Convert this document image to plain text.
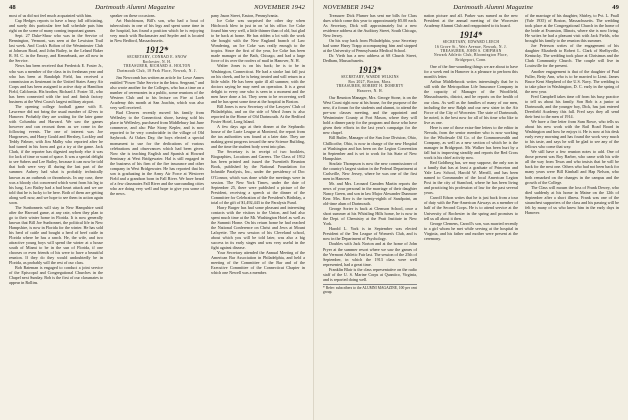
48	Dartmouth Alumni Magazine	NOVEMBER 1942

most of us did not feel much acquainted with him.

Cap Hedges reports to have a busy fall officiating, and surely this particular free ball schedule puts him right on the scene of many coming important games.

Sept. 27 Duke-Shaw who was in the Service of Bennington, Vermont, was seen at the Lewiston Trail last week. And Cook's Bolton of the Westminster Club at Johnson Road, and John Bailey, in the Leland Baker R. M. C. in the Emory, and Kennebunk, are all now in the Service.

News has been received that Frederick E. Foster Jr., who was a member of the class in its freshman year and who has been at Randolph Field, has received a commission as lieutenant in the United States Army Air Corps and has been assigned to active duty at Hamilton Field, California. His brother, Richard J. Foster '41, who has been connected with the tool and finish factory business at the West Coast's largest military airport.

The opening college football game with E. Lawrence did not bring the usual number of 42-ers to Hanover. Probably they are waiting for the later game with Columbia and Harvard. We saw the games however and can recount them as we come in the following events. The one of interest was Joe Hargreaves, and Harry Gould and Hershey, Lockley and Teddy Palmer, with Jim Malby who reported after he had turned in his form and got a try at the game. Jack Clark, if the reporter has digested anybody else it was for lack of time or want of space. It was a special delight to see Sabers and Lee Bailey, because it can now be told that both were very ill during the last part of the summer. Aubrey had what is probably technically known as an outbreak or thrombosis. In any case, there was a bloody clot concerned which went from his leg to his lung. Leo Bailey had a bad heart attack and we are told that he is lucky to be here. Both of them are getting along well now, and we hope to see them in action again soon.

The Sunbonnets will stay in New Hampshire until after the Harvard game, at any rate, when they plan to go to their winter home in Florida. It is now generally known that Bill Joe Sunbonnet, the political life in New Hampshire, is now in Florida for the winter. He has sold his herd of cattle and bought a herd of beef cattle in Florida where he has a ranch. He, the wife, and two attractive young boys will spend the winter at a house south of Miami to be in the sun of Florida, if one chooses or even friends of his were to have a beautiful reunion. If they do they would undoubtedly be in Florida, as probably will the rest of our class.

Bob Bateman is engaged to conduct a joint service of the Episcopal and Congregational Churches in the Chapel next Sunday. Bob is the first of our classmates to appear in Rollins.

speaker on these occasions.

Art Hutchinson, Bill's son, who had a bout of tuberculosis in one of his legs and spent some time in the hospital, has found a position which he is enjoying very much with Buckmaster and Snyder and is located in New Bedford, Massachusetts.

1912*
SECRETARY, CONRAD E. SNOW
Rochester, N. H.
TREASURER, RICHARD A. HOLTON
Dartmouth Club, 18 Park Place, Newark, N. J.

Jim Newcomb has written an article for Lowe Annex entitled "Power Tube Service in the Intra. Sergeant," and also wrote another for the Colleges, who has a time on a number of ceremonies in a public, some reunions of the Western Club and to his lecture on Fire at Loeb Academy this month at San Joachin, which was also very well received.

Bud Cleaves recently moved his family from Wellesley to the Connecticut shore, having sold his place in Wellesley, purchased from Middlebury last June commerce, and also Pike Stony Kepler, and is now reported to be very comfortable in the village of Old Saybrook. At Oakes Day, the boys elected a special monument to use for the dedications of various celebrations and observances which had been given. Now she is teaching English and Spanish at Howard Seminary at West Bridgewater. Hal is still engaged in the business of his firm of the fire insurance and other company in West Bridgewater. He has reported that his son is graduating in the Army Air Force at Westover Field and a grandson born in Fall River. We have heard of a few classmates Fall River and the surrounding cities who are doing very well and hope to give you some of the news.

pany Jason Street, Easton, Pennsylvania.

Ice Coke was surprised the other day when Hitchcock blew in just in on 'at his office. Ice Coke found him very well, a little thinner than of old, but glad to be back at home. He has ridden a lot with the work she bought with the New England branch of Law Wondering, an Ice Coke was really enough to the tropics. Since the first of the year, Ice Coke has been made manager at the Bath, Chicago, and had a large force of its over the roofers of mail in Hanover, N. H.

Walter Jones is on his back; he is to be in Washington, Connecticut. He had a stroke last fall just on his cheek, and he is being treated and will return in a little while. He has been quite ill all summer, with the doctors saying he may need an operation. It is a great delight to every one who is seen in a moment and the men have done a lot. They seem to be recovering well and he has spent some time at the hospital in Boston.

Bill Jones is now Secretary of the Lawyers' Club of Philadelphia, and on the side of Ward Jones is also reported in the Home of Old Dartmouth. At the Bedford Foster Hotel, Long Island.

A few days ago at their dinner at the Sephardic house of the Lurie League at Montreal, the report from the tax authorities was found at a later date. They are making great progress toward the new Science Building, and the time the student body went into plan.

The Secretary is in receipt of two booklets, Biographies, Locations and Careers. The Class of 1912 has been printed and issued the Twentieth Reunion Book, published by the National Foundation for Infantile Paralysis, Inc., under the presidency of Doc O'Connor, which was done while the meetings were in session. The New York Times, under the date of September 25, there were published a picture of the President, receiving a speech at the dinner of the Committee for Celebration of the President's Birthday, a total of the gift of $1,492,443 to the Paralysis Fund.

Harry Burger has had some pleasant and interesting contacts with the visitors to the Union, and had also spent much time at the Mt. Washington Hotel as well as the Summit Home. On his return home he had reached the National Conference on Christ and Jews at Mount Lafayette. The new session of his Cleveland school, about which you will be told later, was also a big success in its early stages and was very useful in the fight against disease.

Your Secretary attended the Annual Meeting of the American Bar Association in Philadelphia, and held a meeting of the Committee of the Bar and of the Executive Committee of the Connecticut Chapter in which one Newell was a member.

NOVEMBER 1942	Dartmouth Alumni Magazine	49

Treasurer Dick Plumer has sent me bills for Class dues which come this year to approximately $5.00 each. As Secretary, Dick will approximately list a new residence address at the Auditory Street, South Chicago, New Jersey.

On his way back from Philadelphia, your Secretary had some Harry Trapp accompanying him and stopped at the University of Pennsylvania Medical School.

Dr. Vieth has a new address at 68 Church Street, Dedham, Massachusetts.

1913*
SECRETARY, WARDE WILKINS
Box 2027, Boston, Mass.
TREASURER, ROBERT H. DOHERTY
Hanover, N. H.

Our Reunion Manager, Mrs. George Stone, is on the West Coast right now at his house, for the purpose of the new, if a forum for the students and alumni, to attend the pre-war classes meeting, and the appointed and Westminster County at Fort Mason, where they will hold a dinner party for the program and those who have given their efforts in the last year's campaign for the new chapel.

Bill Butler, Manager of the San Jose Division, Ohio, Chillicothe, Ohio, is now in charge of the new Hospital at Washington and has been on the Legion Convention in September and is set to work for his State of New Hampshire.

Sinclair Thompson is now the new commissioner of the country's largest station in the Federal Department at Carlsville, New Jersey, where he was one of the first men in Hanover.

Mr. and Mrs. Leonard Camden Martin reports the news of your personal in the marriage of their daughter Nancy Green, and son in law Major Alexander Dunmore Kerr. Mrs. Kerr is the twenty-eighth of Sandpoint, an old-time alum of Dartmouth.

George Sorter is back at Clemson School, once a short summer at his Whistling Hills home, he is now in the Dept. of Chemistry at the Pratt Institute in New York.

Harold L. York is in September was elected President of the Ten League of Women's Club, and is now in the Department of Psychology.

Doubles with Jack Norton and at the home of John Pryer at the summer resort where we saw the games of the Vermont Athletic Fair last. The session of the 25th of September, in which the 1913 class were well represented, had a great time.

Franklin Blair is the class representative on the radio staff of the U. S. Marine Corps at Quantico, Virginia, and is reported doing well.

* Refer: subscribers to the ALUMNI MAGAZINE, 100 per cent group.

nation picture and all. Parker was named as the new President at the annual meeting of the Worcester Academy Alumni Club and reappointed to its board.

1914*
SECRETARY, EDWARD LEECH
16 Grove St., Weir Avenue, Newark, N. J.
TREASURER, JOHN S. CHIPMAN
Newark Athletic Club, Bloomington Place, Bridgeport, Conn.

One of the fine-sounding things we are about to have for a week end in Hanover is a pleasure to perform this month's letter.

Arthur Middlebrook writes interestingly that he is still with the Metropolitan Life Insurance Company in the capacity of Manager of the Woodfield, Massachusetts, district, and he reports on the health of our class. As well as the families of many of our men, including the new Ralph and our new sister in the Air Force of the City of Worcester. The state of Dartmouth, he noted, is the best now for all of his time who like to live as one.

Here is one of those extra-fine letters to the editor in Nevada, from the senior member who is now working for the Wholesale Oil Co. of the Commonwealth and Company, as well as a new section of which he is the manager in Bridgeport. Mr. Walker has been hurt by a fall but is improving steadily and reports the Red Cross work is his chief activity now.

Red Goldberg has, we may suppose, the only son in a family that has at least a graduate of Princeton and Yale Law School, Harold W. Merrill, and has been named to Commander of the local American Legion Post in the city of Stamford, where he has been living and practicing his profession of law for the past several years.

Carroll Edson writes that he is just back from a tour of duty with the Pan-American Airways as a member of half of the Second Corps. He is to attend service at the University of Rochester in the spring and promises to tell us all about it then.

George Clemens, Carroll's son, was married recently to a girl whom he met while serving at the hospital in Virginia, and his father and mother were present at the ceremony.

of the marriage of his daughter, Shirley, to Pvt. L. Paull (Yale 1935) of Boston, Massachusetts. The wedding took place at the Congregational Church in the home of the bride at Evanston, Illinois, where she is now living. He writes he had a pleasant visit with Jack Fields, who brought his family to the reunion this summer.

Joe Peterson writes of the engagement of his daughter Elizabeth to Robert L. Clark of Shelbyville, Kentucky. The wedding took place at Christmas and the Clark Community Church. The couple will live in Louisville for the present.

Another engagement is that of the daughter of Paul Fuller, Betty Ann, who is to be married to Lieut. James Bruce Kent Shepherd of the U.S. Navy. The wedding is to take place in Washington, D. C. early in the spring of the new year.

Fred Campbell takes time off from his busy practice to tell us about his family. Son Bob is a junior at Dartmouth, and the younger boy, Dick, has just entered Deerfield Academy this fall. Fred says they all send their best to the men of 1914.

We have a fine letter from Sam Rowe, who tells us about his new work with the Rail Road Board in Washington and how he enjoys it. He is now at his desk early every morning and has found the work very much to his taste, and says he will be glad to see any of the fellows who come that way.

We still have a few reunion notes to add. One of those present was Roy Barber, who came with his wife all the way from Texas and who insists that he will be back for the next one. Others who had not been back for many years were Bill Kimball and Hap Nelson, who both remarked on the changes in the campus and the growth of the College.

The Class will mourn the loss of Frank Dewey, who died suddenly at his home in Maine on the 12th of September after a short illness. Frank was one of the staunchest supporters of the class and his passing will be felt by many of us who knew him in the early days in Hanover.
